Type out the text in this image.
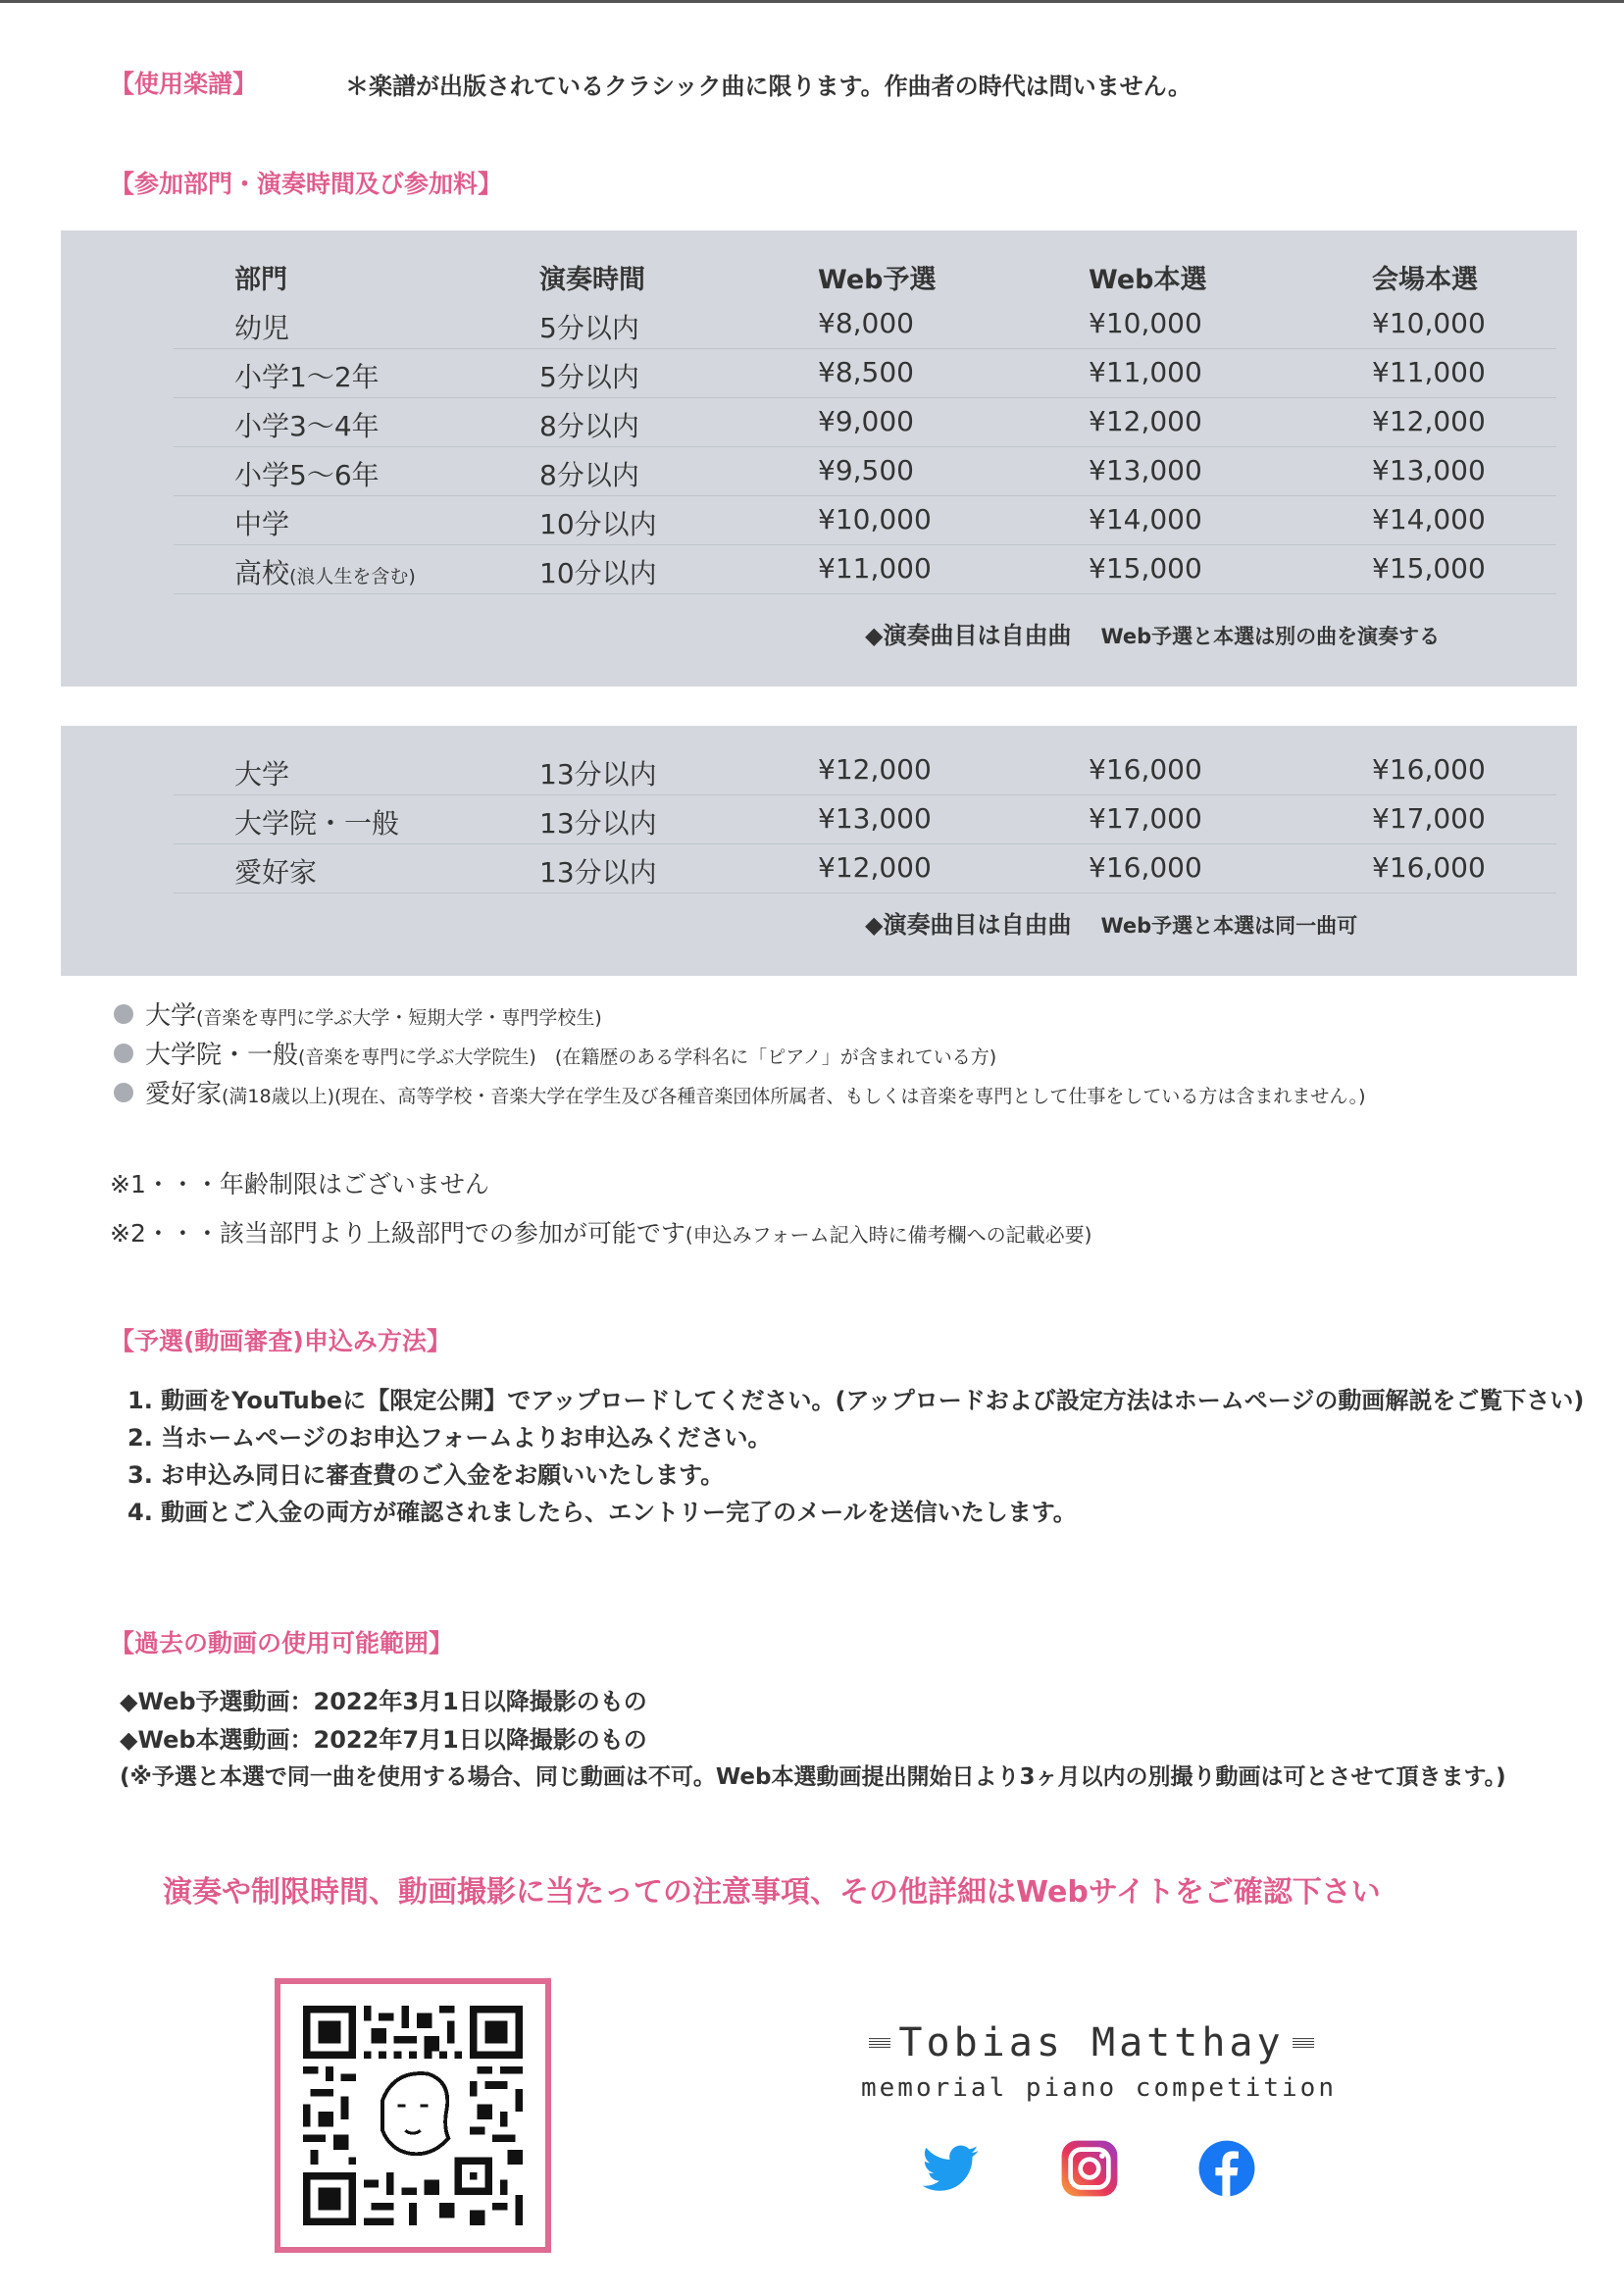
【使用楽譜】	＊楽譜が出版されているクラシック曲に限ります。作曲者の時代は問いません。
【参加部門・演奏時間及び参加料】
部門	演奏時間	Web予選	Web本選	会場本選
幼児	5分以内	¥8,000	¥10,000	¥10,000
小学1〜2年	5分以内	¥8,500	¥11,000	¥11,000
小学3〜4年	8分以内	¥9,000	¥12,000	¥12,000
小学5〜6年	8分以内	¥9,500	¥13,000	¥13,000
中学	10分以内	¥10,000	¥14,000	¥14,000
高校(浪人生を含む)	10分以内	¥11,000	¥15,000	¥15,000
◆演奏曲目は自由曲 Web予選と本選は別の曲を演奏する
大学	13分以内	¥12,000	¥16,000	¥16,000
大学院・一般	13分以内	¥13,000	¥17,000	¥17,000
愛好家	13分以内	¥12,000	¥16,000	¥16,000
◆演奏曲目は自由曲 Web予選と本選は同一曲可
大学(音楽を専門に学ぶ大学・短期大学・専門学校生)
大学院・一般(音楽を専門に学ぶ大学院生)　(在籍歴のある学科名に「ピアノ」が含まれている方)
愛好家(満18歳以上)(現在、高等学校・音楽大学在学生及び各種音楽団体所属者、もしくは音楽を専門として仕事をしている方は含まれません。)
※1・・・年齢制限はございません
※2・・・該当部門より上級部門での参加が可能です(申込みフォーム記入時に備考欄への記載必要)
【予選(動画審査)申込み方法】
1. 動画をYouTubeに【限定公開】でアップロードしてください。(アップロードおよび設定方法はホームページの動画解説をご覧下さい)
2. 当ホームページのお申込フォームよりお申込みください。
3. お申込み同日に審査費のご入金をお願いいたします。
4. 動画とご入金の両方が確認されましたら、エントリー完了のメールを送信いたします。
【過去の動画の使用可能範囲】
◆Web予選動画：2022年3月1日以降撮影のもの
◆Web本選動画：2022年7月1日以降撮影のもの
(※予選と本選で同一曲を使用する場合、同じ動画は不可。Web本選動画提出開始日より3ヶ月以内の別撮り動画は可とさせて頂きます。)
演奏や制限時間、動画撮影に当たっての注意事項、その他詳細はWebサイトをご確認下さい
Tobias Matthay
memorial piano competition
